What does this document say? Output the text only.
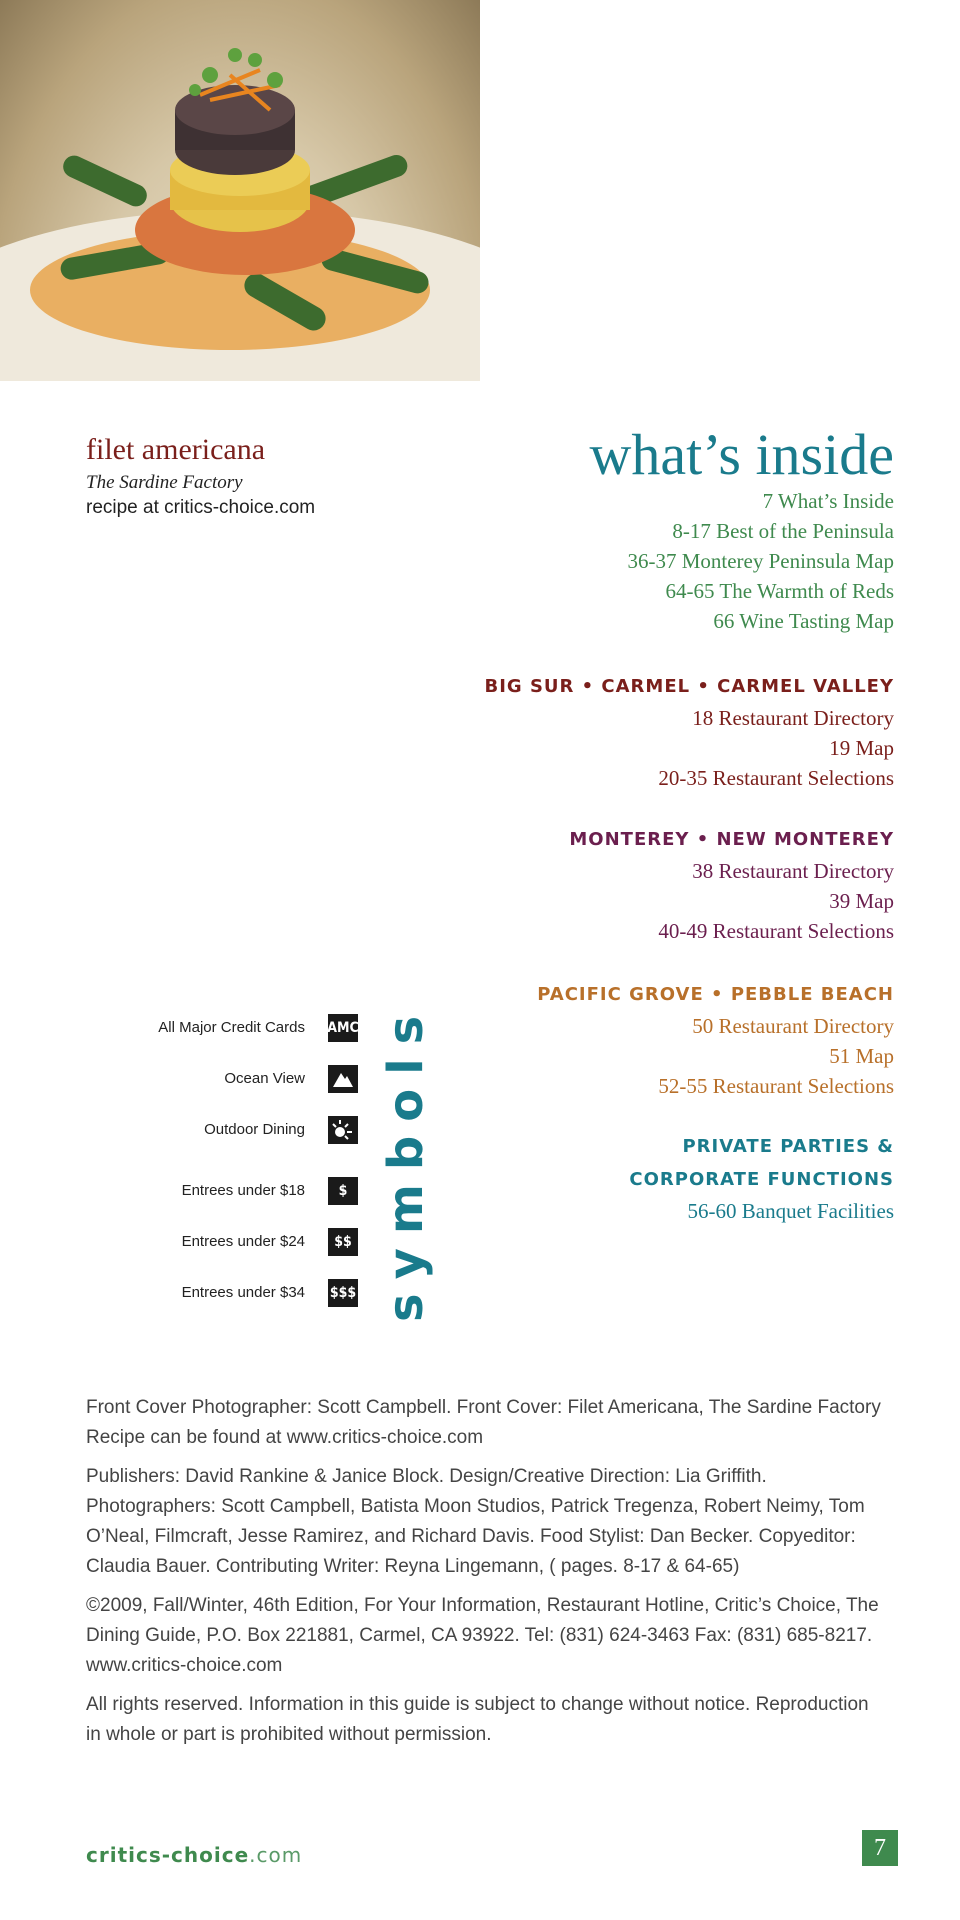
filet americana
The Sardine Factory
recipe at critics-choice.com
what’s inside
7 What’s Inside
8-17 Best of the Peninsula
36-37 Monterey Peninsula Map
64-65 The Warmth of Reds
66 Wine Tasting Map
BIG SUR • CARMEL • CARMEL VALLEY
18 Restaurant Directory
19 Map
20-35 Restaurant Selections
MONTEREY • NEW MONTEREY
38 Restaurant Directory
39 Map
40-49 Restaurant Selections
PACIFIC GROVE • PEBBLE BEACH
50 Restaurant Directory
51 Map
52-55 Restaurant Selections
PRIVATE PARTIES &
CORPORATE FUNCTIONS
56-60 Banquet Facilities
All Major Credit Cards AMC
Ocean View
Outdoor Dining
Entrees under $18	$
Entrees under $24	$$
Entrees under $34 $$$ symbols

Front Cover Photographer: Scott Campbell. Front Cover: Filet Americana, The Sardine Factory Recipe can be found at www.critics-choice.com

Publishers: David Rankine & Janice Block. Design/Creative Direction: Lia Griffith. Photographers: Scott Campbell, Batista Moon Studios, Patrick Tregenza, Robert Neimy, Tom O’Neal, Filmcraft, Jesse Ramirez, and Richard Davis. Food Stylist: Dan Becker. Copyeditor: Claudia Bauer. Contributing Writer: Reyna Lingemann, ( pages. 8-17 & 64-65)

©2009, Fall/Winter, 46th Edition, For Your Information, Restaurant Hotline, Critic’s Choice, The Dining Guide, P.O. Box 221881, Carmel, CA 93922. Tel: (831) 624-3463 Fax: (831) 685-8217. www.critics-choice.com

All rights reserved. Information in this guide is subject to change without notice. Reproduction in whole or part is prohibited without permission.

critics-choice.com	7
